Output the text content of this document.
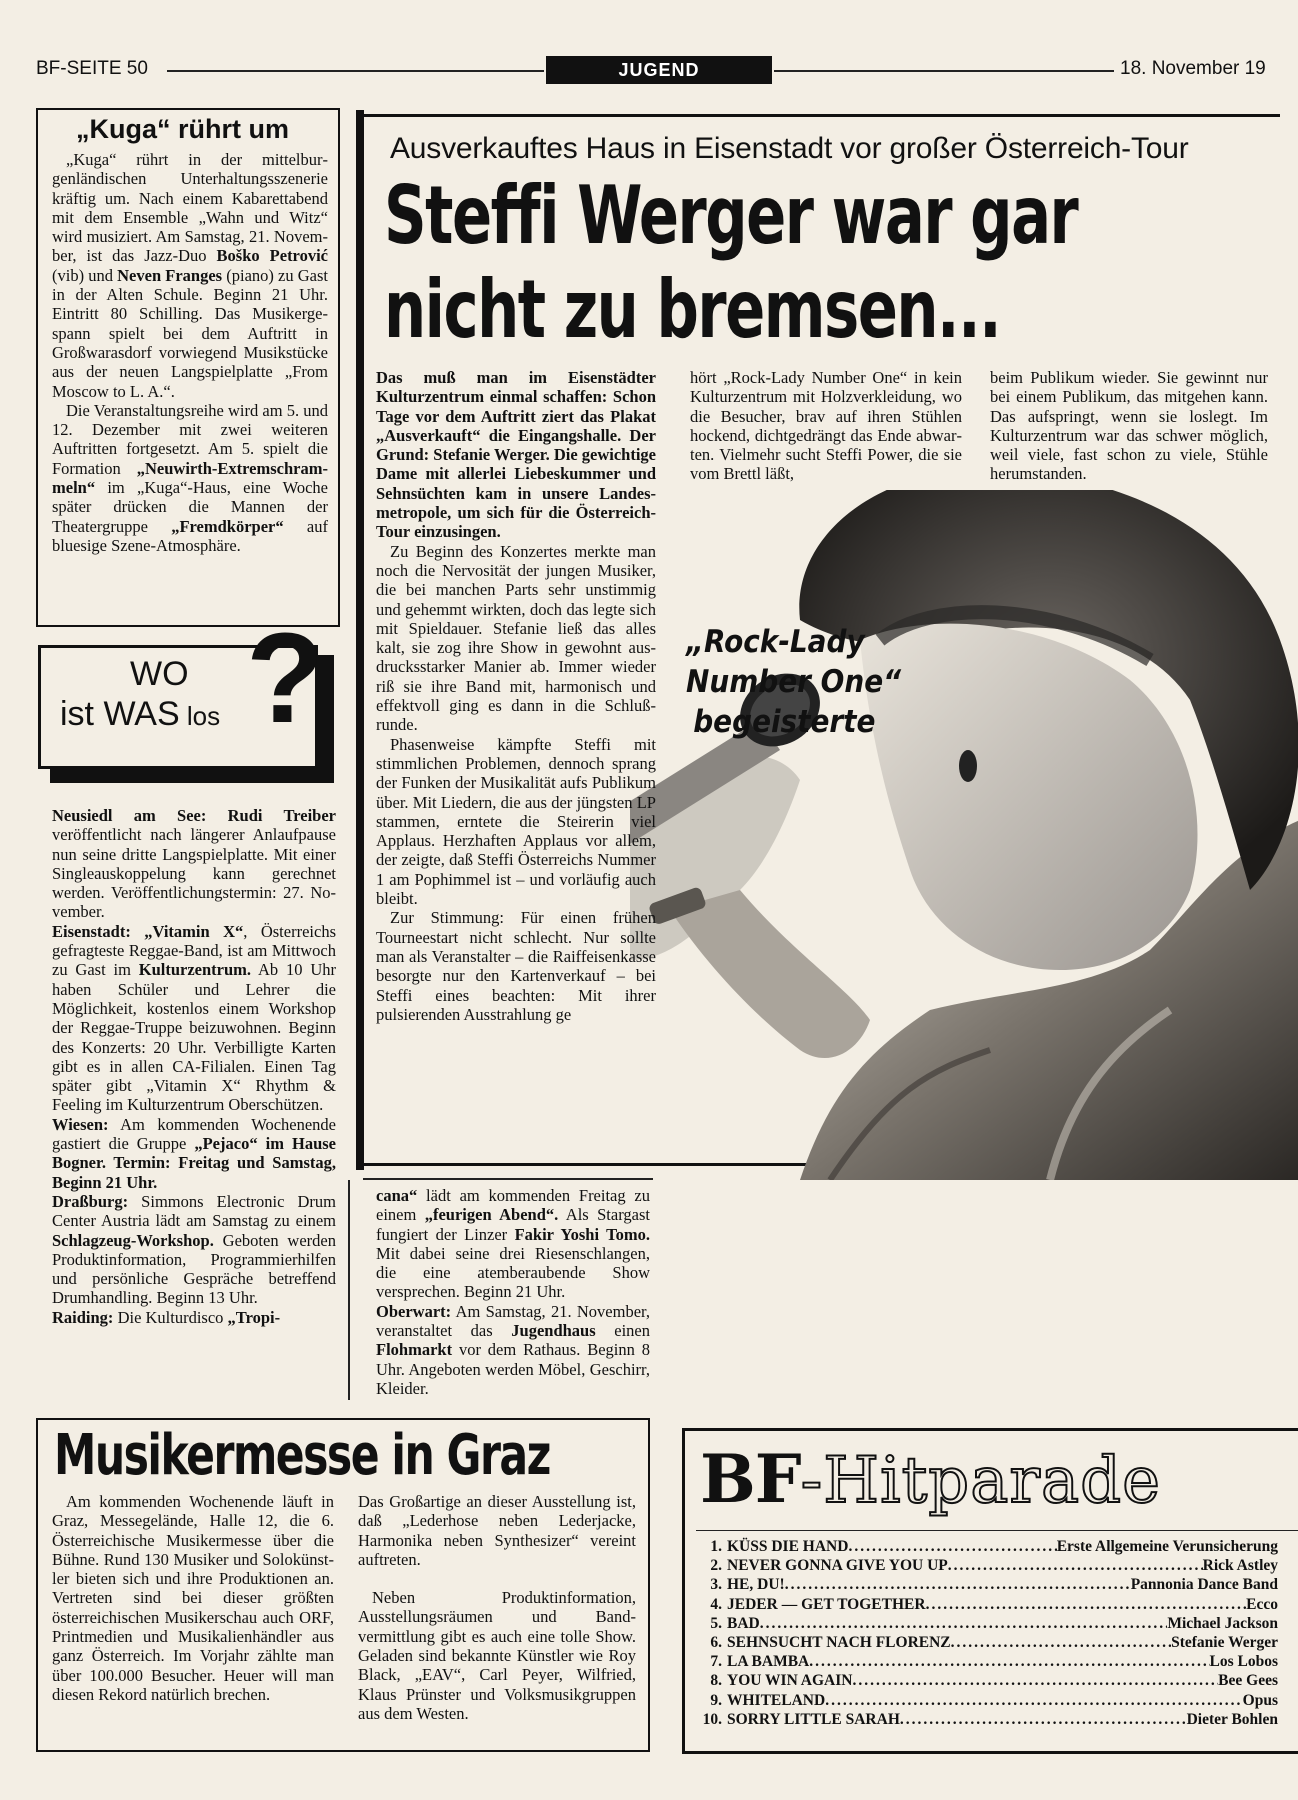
BF-SEITE 50	JUGEND	18. November 19
„Kuga“ rührt um

„Kuga“ rührt in der mittelburgenländischen Unterhaltungsszenerie kräftig um. Nach einem Kabarettabend mit dem Ensemble „Wahn und Witz“ wird musiziert. Am Samstag, 21. November, ist das Jazz-Duo Boško Petrović (vib) und Neven Franges (piano) zu Gast in der Alten Schule. Beginn 21 Uhr. Eintritt 80 Schilling. Das Musikergespann spielt bei dem Auftritt in Großwarasdorf vorwiegend Musikstücke aus der neuen Langspielplatte „From Moscow to L. A.“.

Die Veranstaltungsreihe wird am 5. und 12. Dezember mit zwei weiteren Auftritten fortgesetzt. Am 5. spielt die Formation „Neuwirth-Extremschrammeln“ im „Kuga“-Haus, eine Woche später drücken die Mannen der Theatergruppe „Fremdkörper“ auf bluesige Szene-Atmosphäre.

WO
ist WAS los ?

Neusiedl am See: Rudi Treiber veröffentlicht nach längerer Anlaufpause nun seine dritte Langspielplatte. Mit einer Singleauskoppelung kann gerechnet werden. Veröffentlichungstermin: 27. November.

Eisenstadt: „Vitamin X“, Österreichs gefragteste Reggae-Band, ist am Mittwoch zu Gast im Kulturzentrum. Ab 10 Uhr haben Schüler und Lehrer die Möglichkeit, kostenlos einem Workshop der Reggae-Truppe beizuwohnen. Beginn des Konzerts: 20 Uhr. Verbilligte Karten gibt es in allen CA-Filialen. Einen Tag später gibt „Vitamin X“ Rhythm & Feeling im Kulturzentrum Oberschützen.

Wiesen: Am kommenden Wochenende gastiert die Gruppe „Pejaco“ im Hause Bogner. Termin: Freitag und Samstag, Beginn 21 Uhr.

Draßburg: Simmons Electronic Drum Center Austria lädt am Samstag zu einem Schlagzeug-Workshop. Geboten werden Produktinformation, Programmierhilfen und persönliche Gespräche betreffend Drumhandling. Beginn 13 Uhr.

Raiding: Die Kulturdisco „Tropi-

cana“ lädt am kommenden Freitag zu einem „feurigen Abend“. Als Stargast fungiert der Linzer Fakir Yoshi Tomo. Mit dabei seine drei Riesenschlangen, die eine atemberaubende Show versprechen. Beginn 21 Uhr.

Oberwart: Am Samstag, 21. November, veranstaltet das Jugendhaus einen Flohmarkt vor dem Rathaus. Beginn 8 Uhr. Angeboten werden Möbel, Geschirr, Kleider.

Ausverkauftes Haus in Eisenstadt vor großer Österreich-Tour
Steffi Werger war gar
nicht zu bremsen...
„Rock-Lady
Number One“
begeisterte

Das muß man im Eisenstädter Kulturzentrum einmal schaffen: Schon Tage vor dem Auftritt ziert das Plakat „Ausverkauft“ die Eingangshalle. Der Grund: Stefanie Werger. Die gewichtige Dame mit allerlei Liebeskummer und Sehnsüchten kam in unsere Landesmetropole, um sich für die Österreich-Tour einzusingen.

Zu Beginn des Konzertes merkte man noch die Nervosität der jungen Musiker, die bei manchen Parts sehr unstimmig und gehemmt wirkten, doch das legte sich mit Spieldauer. Stefanie ließ das alles kalt, sie zog ihre Show in gewohnt ausdrucksstarker Manier ab. Immer wieder riß sie ihre Band mit, harmonisch und effektvoll ging es dann in die Schlußrunde.

Phasenweise kämpfte Steffi mit stimmlichen Problemen, dennoch sprang der Funken der Musikalität aufs Publikum über. Mit Liedern, die aus der jüngsten LP stammen, erntete die Steirerin viel Applaus. Herzhaften Applaus vor allem, der zeigte, daß Steffi Österreichs Nummer 1 am Pophimmel ist – und vorläufig auch bleibt.

Zur Stimmung: Für einen frühen Tourneestart nicht schlecht. Nur sollte man als Veranstalter – die Raiffeisenkasse besorgte nur den Kartenverkauf – bei Steffi eines beachten: Mit ihrer pulsierenden Ausstrahlung ge

hört „Rock-Lady Number One“ in kein Kulturzentrum mit Holzverkleidung, wo die Besucher, brav auf ihren Stühlen hockend, dichtgedrängt das Ende abwarten. Vielmehr sucht Steffi Power, die sie vom Brettl läßt,
beim Publikum wieder. Sie gewinnt nur bei einem Publikum, das mitgehen kann. Das aufspringt, wenn sie loslegt. Im Kulturzentrum war das schwer möglich, weil viele, fast schon zu viele, Stühle herumstanden.
Musikermesse in Graz
Am kommenden Wochenende läuft in Graz, Messegelände, Halle 12, die 6. Österreichische Musikermesse über die Bühne. Rund 130 Musiker und Solokünstler bieten sich und ihre Produktionen an. Vertreten sind bei dieser größten österreichischen Musikerschau auch ORF, Printmedien und Musikalienhändler aus ganz Österreich. Im Vorjahr zählte man über 100.000 Besucher. Heuer will man diesen Rekord natürlich brechen.

Das Großartige an dieser Ausstellung ist, daß „Lederhose neben Lederjacke, Harmonika neben Synthesizer“ vereint auftreten.

Neben Produktinformation, Ausstellungsräumen und Bandvermittlung gibt es auch eine tolle Show. Geladen sind bekannte Künstler wie Roy Black, „EAV“, Carl Peyer, Wilfried, Klaus Prünster und Volksmusikgruppen aus dem Westen.

BF-Hitparade
1. KÜSS DIE HAND .....	Erste Allgemeine Verunsicherung
2. NEVER GONNA GIVE YOU UP .....	Rick Astley
3. HE, DU! .....	Pannonia Dance Band
4. JEDER — GET TOGETHER .....	Ecco
5. BAD .....	Michael Jackson
6. SEHNSUCHT NACH FLORENZ .....	Stefanie Werger
7. LA BAMBA .....	Los Lobos
8. YOU WIN AGAIN .....	Bee Gees
9. WHITELAND .....	Opus
10. SORRY LITTLE SARAH .....	Dieter Bohlen
